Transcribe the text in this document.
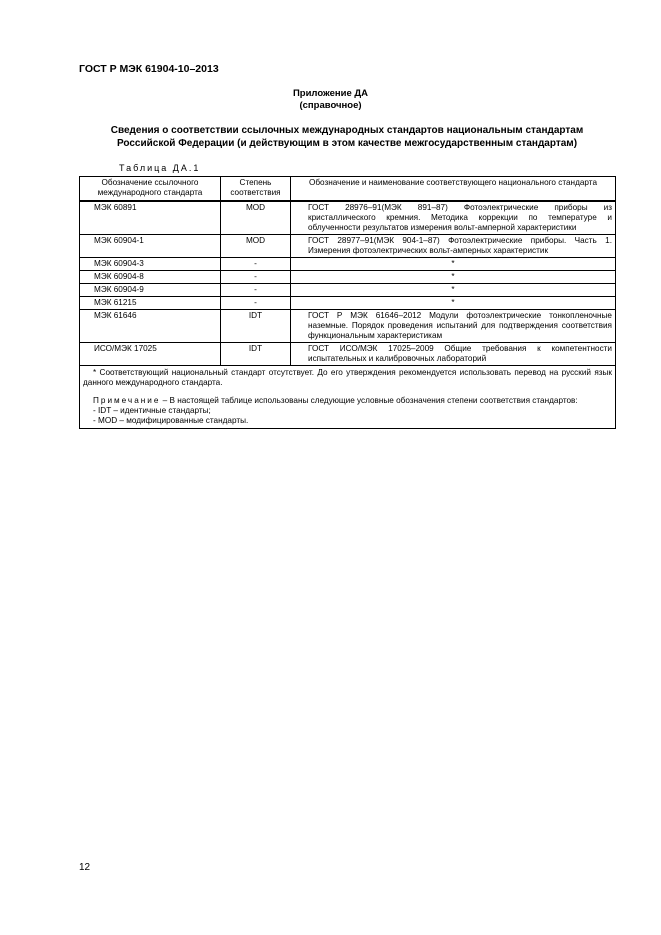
ГОСТ Р МЭК 61904-10–2013
Приложение ДА
(справочное)
Сведения о соответствии ссылочных международных стандартов национальным стандартам
Российской Федерации (и действующим в этом качестве межгосударственным стандартам)
Таблица ДА.1
Обозначение ссылочного международного стандарта	Степень соответствия	Обозначение и наименование соответствующего национального стандарта
МЭК 60891	MOD	ГОСТ 28976–91(МЭК 891–87) Фотоэлектрические приборы из кристаллического кремния. Методика коррекции по температуре и облученности результатов измерения вольт-амперной характеристики

МЭК 60904-1	MOD	ГОСТ 28977–91(МЭК 904-1–87) Фотоэлектрические приборы. Часть 1. Измерения фотоэлектрических вольт-амперных характеристик

МЭК 60904-3	-	*

МЭК 60904-8	-	*

МЭК 60904-9	-	*

МЭК 61215	-	*

МЭК 61646	IDT	ГОСТ Р МЭК 61646–2012 Модули фотоэлектрические тонкопленочные наземные. Порядок проведения испытаний для подтверждения соответствия функциональным характеристикам

ИСО/МЭК 17025	IDT	ГОСТ ИСО/МЭК 17025–2009 Общие требования к компетентности испытательных и калибровочных лабораторий

* Соответствующий национальный стандарт отсутствует. До его утверждения рекомендуется использовать перевод на русский язык данного международного стандарта.

Примечание – В настоящей таблице использованы следующие условные обозначения степени соответствия стандартов:

- IDT – идентичные стандарты;

- MOD – модифицированные стандарты.		

12
